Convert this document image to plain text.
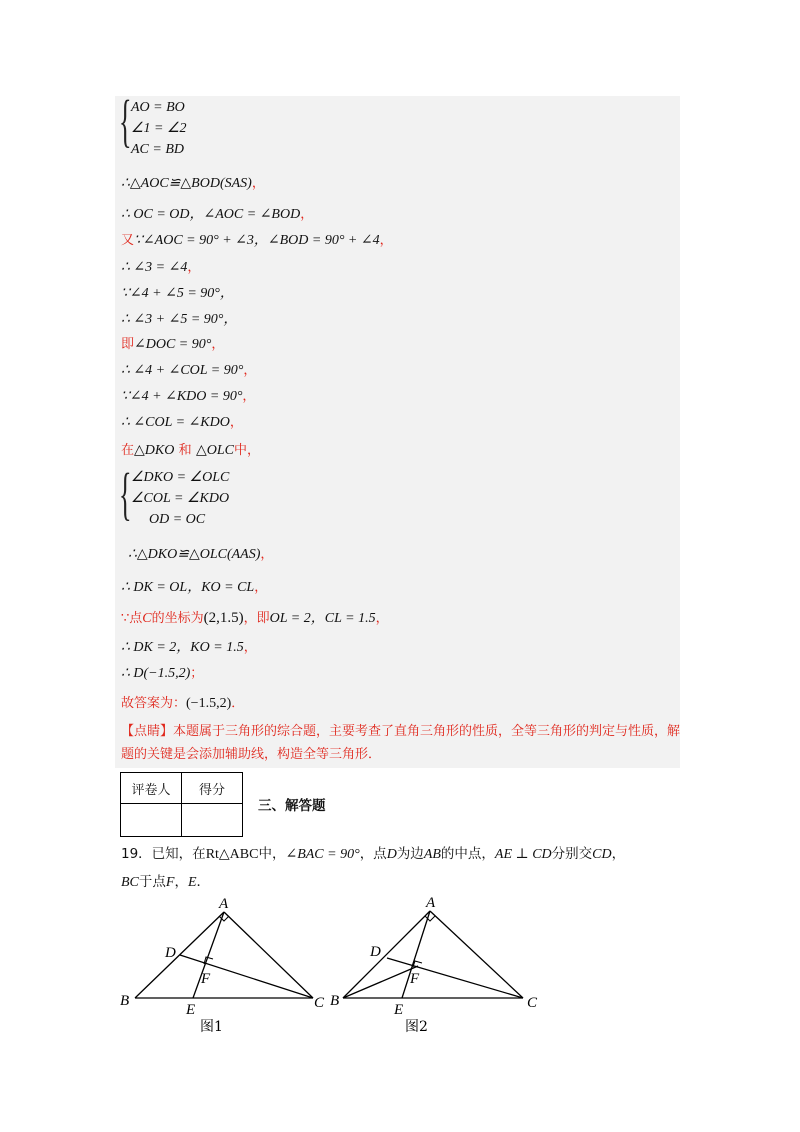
{ AO = BO
∠1 = ∠2
AC = BD
∴△AOC≌△BOD(SAS)，
∴ OC = OD，∠AOC = ∠BOD，
又∵∠AOC = 90° + ∠3，∠BOD = 90° + ∠4，
∴ ∠3 = ∠4，
∵∠4 + ∠5 = 90°，
∴ ∠3 + ∠5 = 90°，
即∠DOC = 90°，
∴ ∠4 + ∠COL = 90°，
∵∠4 + ∠KDO = 90°，
∴ ∠COL = ∠KDO，
在△DKO 和 △OLC中，
{ ∠DKO = ∠OLC
∠COL = ∠KDO
OD = OC
∴△DKO≌△OLC(AAS)，
∴ DK = OL，KO = CL，
∵点C的坐标为(2,1.5)，即OL = 2，CL = 1.5，
∴ DK = 2，KO = 1.5，
∴ D(−1.5,2)；
故答案为：(−1.5,2)．
【点睛】本题属于三角形的综合题，主要考查了直角三角形的性质，全等三角形的判定与性质，解题的关键是会添加辅助线，构造全等三角形．
评卷人	得分

三、解答题
19．已知，在Rt△ABC中，∠BAC = 90°，点D为边AB的中点，AE ⊥ CD分别交CD，
BC于点F，E．
A
B	C
D
E
F
图1
A
B	C
D
E
F
图2
